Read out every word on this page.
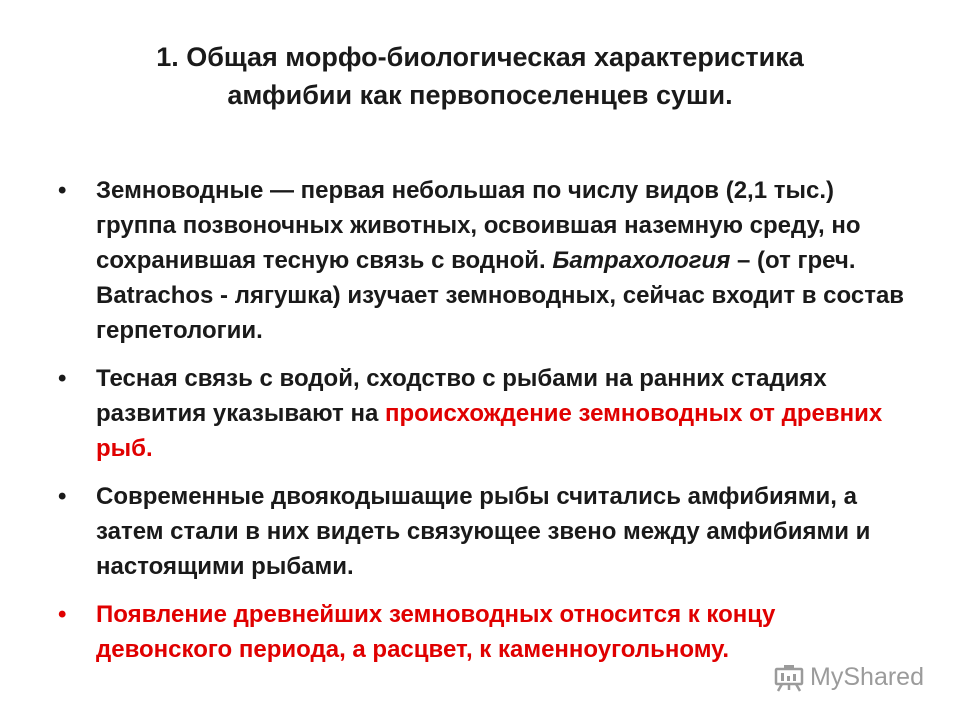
1. Общая морфо-биологическая характеристика
амфибии как первопоселенцев суши.
•	Земноводные — первая небольшая по числу видов (2,1 тыс.) группа позвоночных животных, освоившая наземную среду, но сохранившая тесную связь с водной. Батрахология – (от греч. Batrachos - лягушка) изучает земноводных, сейчас входит в состав герпетологии.
•	Тесная связь с водой, сходство с рыбами на ранних стадиях развития указывают на происхождение земноводных от древних рыб.
•	Современные двоякодышащие рыбы считались амфибиями, а затем стали в них видеть связующее звено между амфибиями и настоящими рыбами.
•	Появление древнейших земноводных относится к концу девонского периода, а расцвет, к каменноугольному.
MyShared
